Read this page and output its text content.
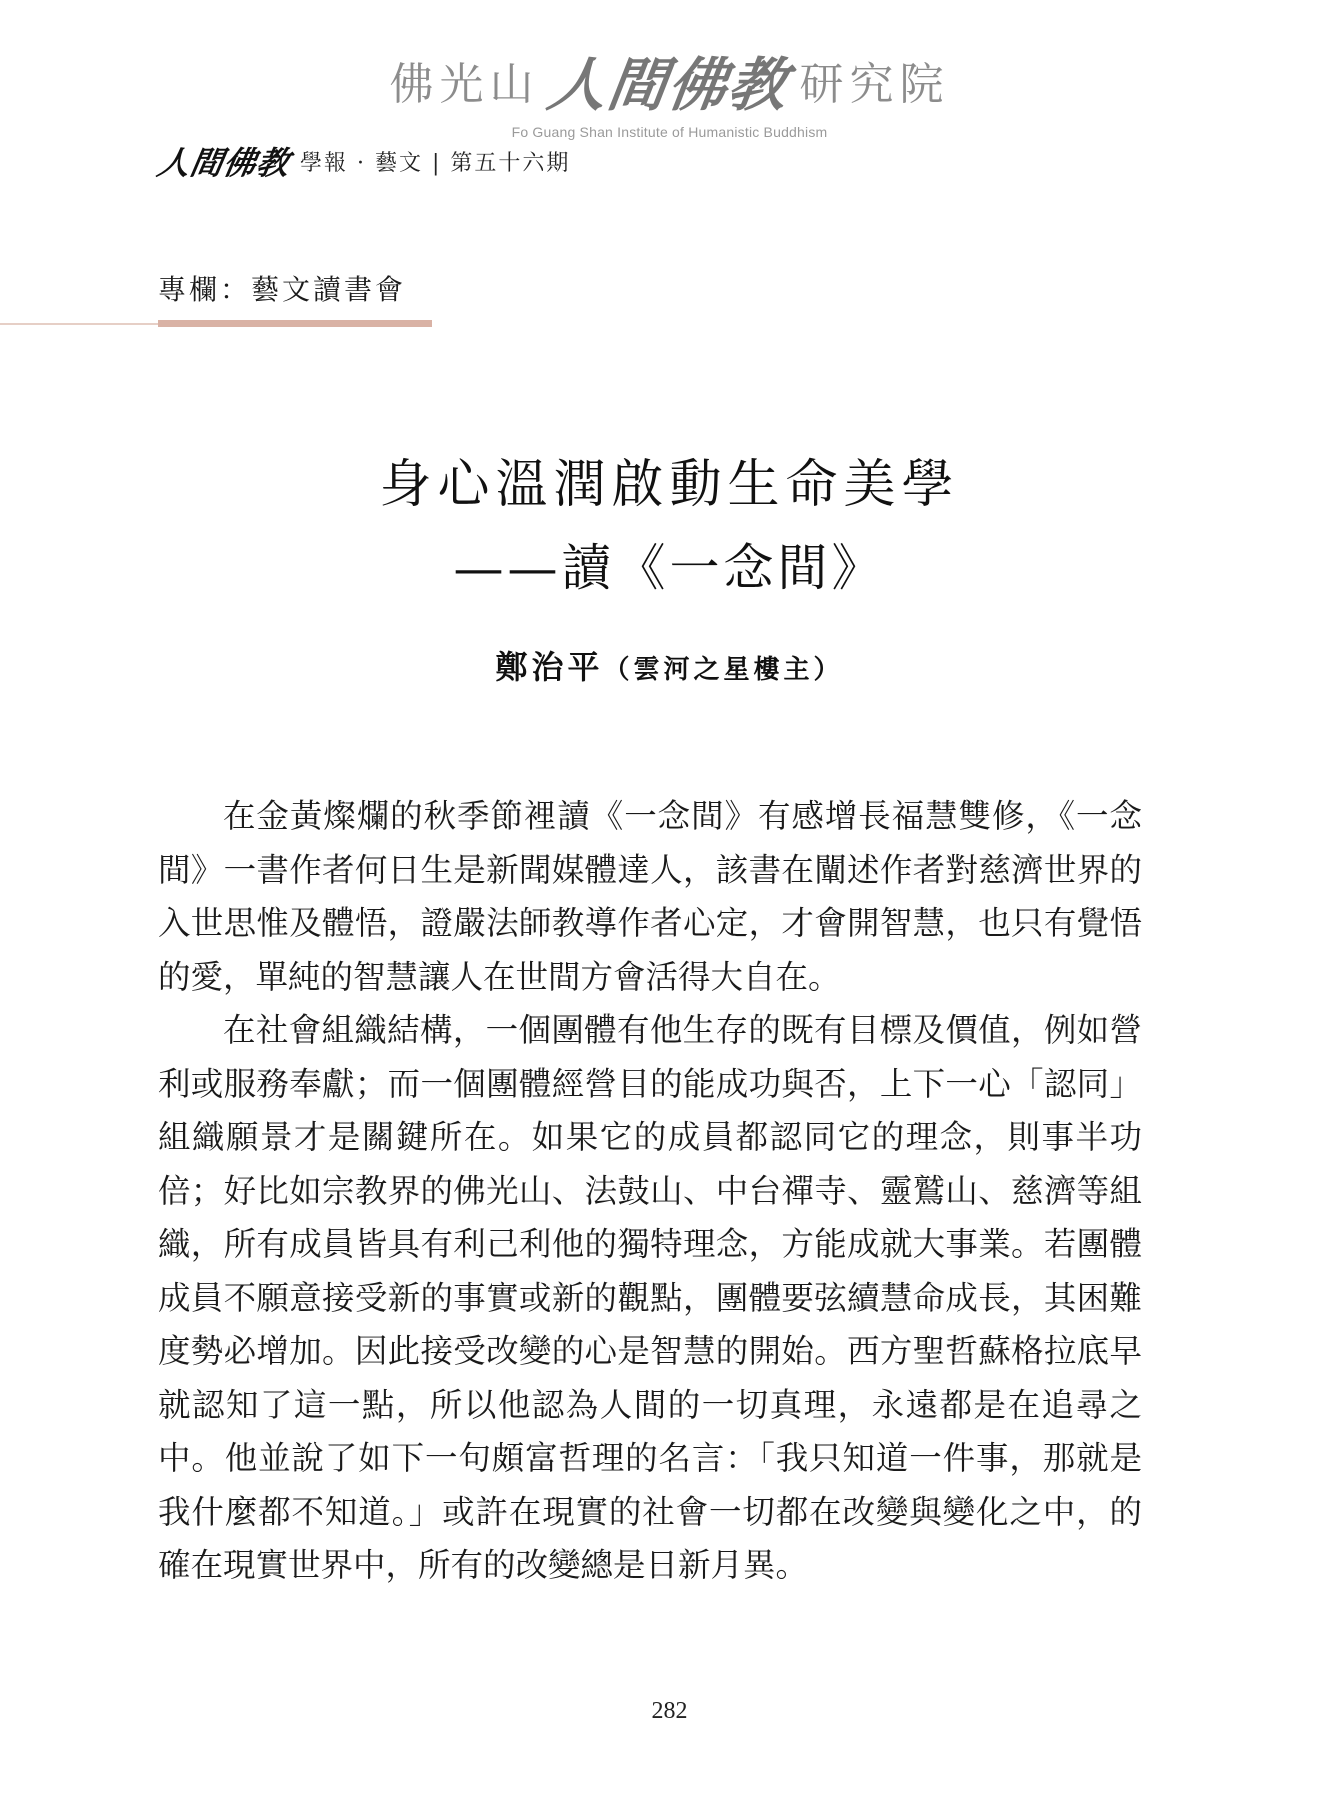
佛光山 人間佛教 研究院
Fo Guang Shan Institute of Humanistic Buddhism
人間佛教 學報 · 藝文 | 第五十六期
專欄：藝文讀書會
身心溫潤啟動生命美學
——讀《一念間》
鄭治平（雲河之星樓主）

在金黃燦爛的秋季節裡讀《一念間》有感增長福慧雙修，《一念間》一書作者何日生是新聞媒體達人，該書在闡述作者對慈濟世界的入世思惟及體悟，證嚴法師教導作者心定，才會開智慧，也只有覺悟的愛，單純的智慧讓人在世間方會活得大自在。

在社會組織結構，一個團體有他生存的既有目標及價值，例如營利或服務奉獻；而一個團體經營目的能成功與否，上下一心「認同」組織願景才是關鍵所在。如果它的成員都認同它的理念，則事半功倍；好比如宗教界的佛光山、法鼓山、中台禪寺、靈鷲山、慈濟等組織，所有成員皆具有利己利他的獨特理念，方能成就大事業。若團體成員不願意接受新的事實或新的觀點，團體要弦續慧命成長，其困難度勢必增加。因此接受改變的心是智慧的開始。西方聖哲蘇格拉底早就認知了這一點，所以他認為人間的一切真理，永遠都是在追尋之中。他並說了如下一句頗富哲理的名言：「我只知道一件事，那就是我什麼都不知道。」或許在現實的社會一切都在改變與變化之中，的確在現實世界中，所有的改變總是日新月異。

282
